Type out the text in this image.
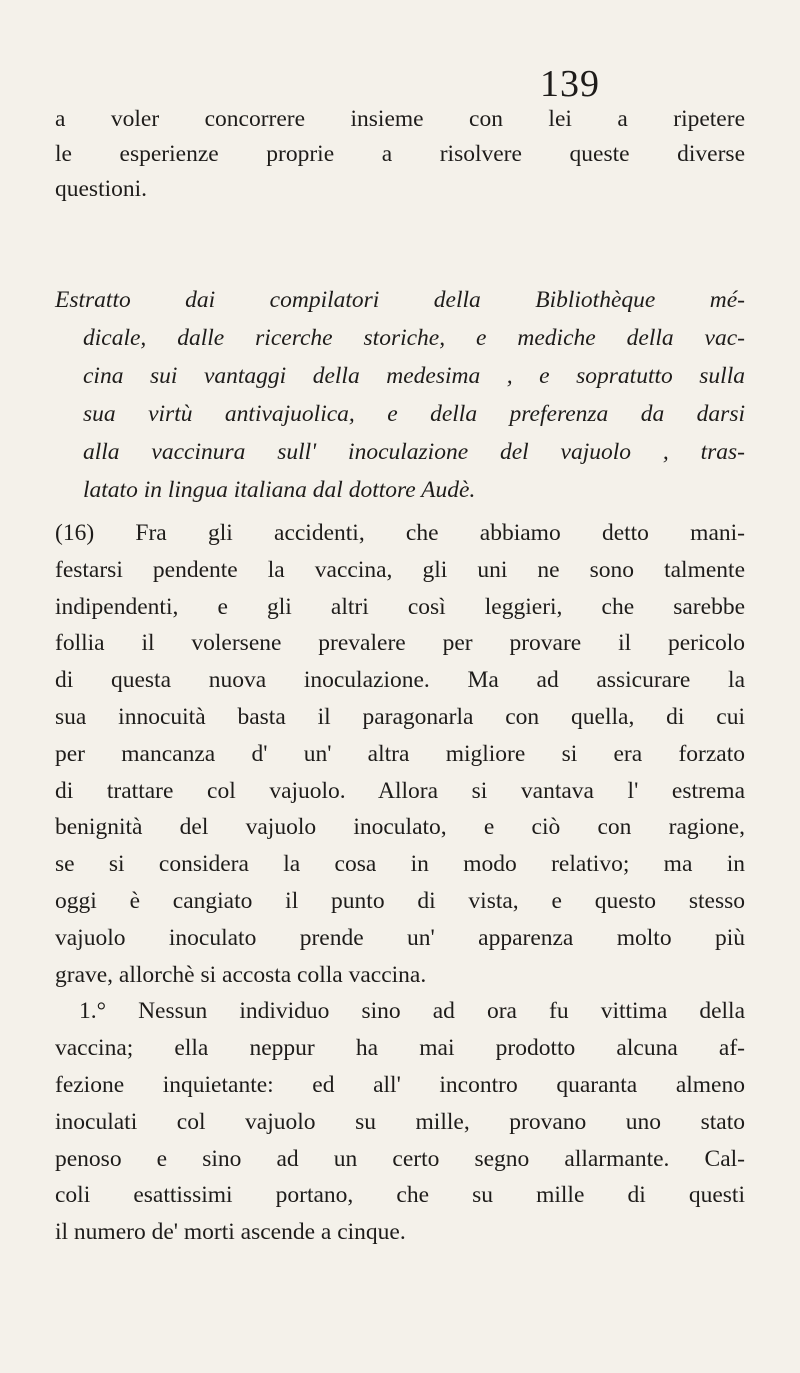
139
a voler concorrere insieme con lei a ripetere
le esperienze proprie a risolvere queste diverse
questioni.
Estratto dai compilatori della Bibliothèque mé-
dicale, dalle ricerche storiche, e mediche della vac-
cina sui vantaggi della medesima , e sopratutto sulla
sua virtù antivajuolica, e della preferenza da darsi
alla vaccinura sull' inoculazione del vajuolo , tras-
latato in lingua italiana dal dottore Audè.
(16) Fra gli accidenti, che abbiamo detto mani-
festarsi pendente la vaccina, gli uni ne sono talmente
indipendenti, e gli altri così leggieri, che sarebbe
follia il volersene prevalere per provare il pericolo
di questa nuova inoculazione. Ma ad assicurare la
sua innocuità basta il paragonarla con quella, di cui
per mancanza d' un' altra migliore si era forzato
di trattare col vajuolo. Allora si vantava l' estrema
benignità del vajuolo inoculato, e ciò con ragione,
se si considera la cosa in modo relativo; ma in
oggi è cangiato il punto di vista, e questo stesso
vajuolo inoculato prende un' apparenza molto più
grave, allorchè si accosta colla vaccina.
1.° Nessun individuo sino ad ora fu vittima della
vaccina; ella neppur ha mai prodotto alcuna af-
fezione inquietante: ed all' incontro quaranta almeno
inoculati col vajuolo su mille, provano uno stato
penoso e sino ad un certo segno allarmante. Cal-
coli esattissimi portano, che su mille di questi
il numero de' morti ascende a cinque.
